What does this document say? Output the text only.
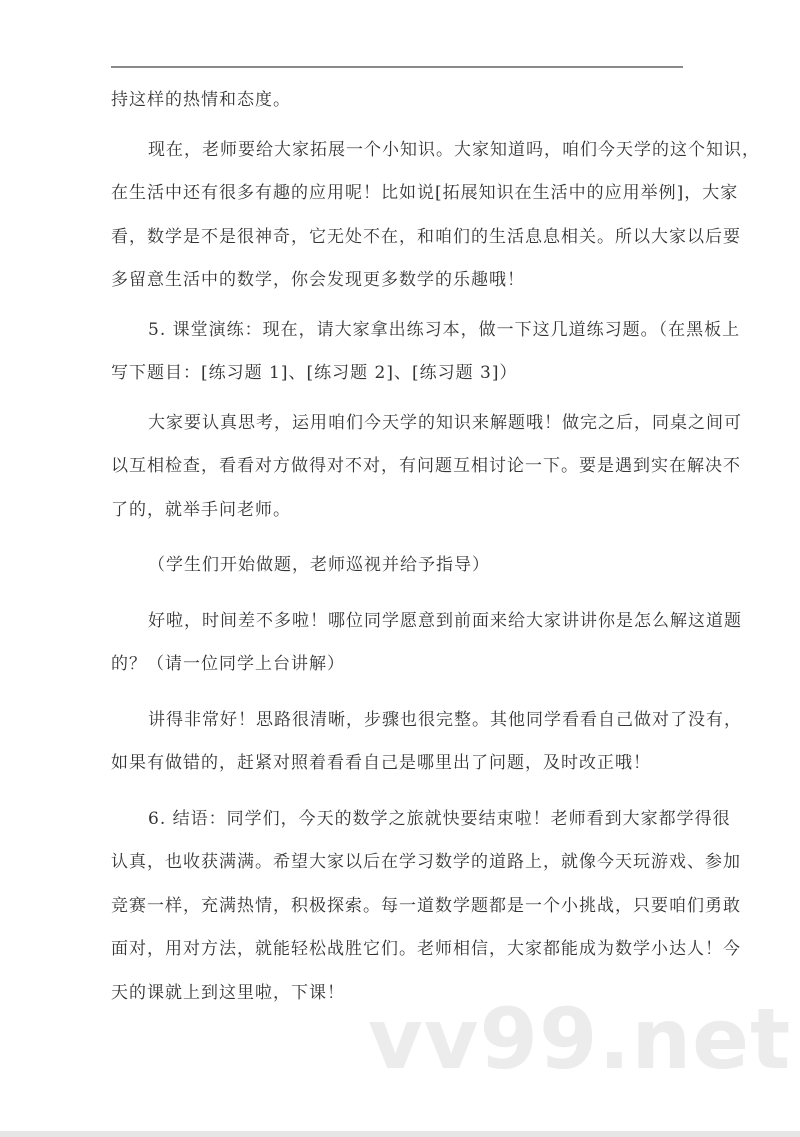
持这样的热情和态度。
现在，老师要给大家拓展一个小知识。大家知道吗，咱们今天学的这个知识，
在生活中还有很多有趣的应用呢！比如说[拓展知识在生活中的应用举例]，大家
看，数学是不是很神奇，它无处不在，和咱们的生活息息相关。所以大家以后要
多留意生活中的数学，你会发现更多数学的乐趣哦！
5. 课堂演练：现在，请大家拿出练习本，做一下这几道练习题。（在黑板上
写下题目：[练习题 1]、[练习题 2]、[练习题 3]）
大家要认真思考，运用咱们今天学的知识来解题哦！做完之后，同桌之间可
以互相检查，看看对方做得对不对，有问题互相讨论一下。要是遇到实在解决不
了的，就举手问老师。
（学生们开始做题，老师巡视并给予指导）
好啦，时间差不多啦！哪位同学愿意到前面来给大家讲讲你是怎么解这道题
的？（请一位同学上台讲解）
讲得非常好！思路很清晰，步骤也很完整。其他同学看看自己做对了没有，
如果有做错的，赶紧对照着看看自己是哪里出了问题，及时改正哦！
6. 结语：同学们，今天的数学之旅就快要结束啦！老师看到大家都学得很
认真，也收获满满。希望大家以后在学习数学的道路上，就像今天玩游戏、参加
竞赛一样，充满热情，积极探索。每一道数学题都是一个小挑战，只要咱们勇敢
面对，用对方法，就能轻松战胜它们。老师相信，大家都能成为数学小达人！今
天的课就上到这里啦，下课！ vv99.net
